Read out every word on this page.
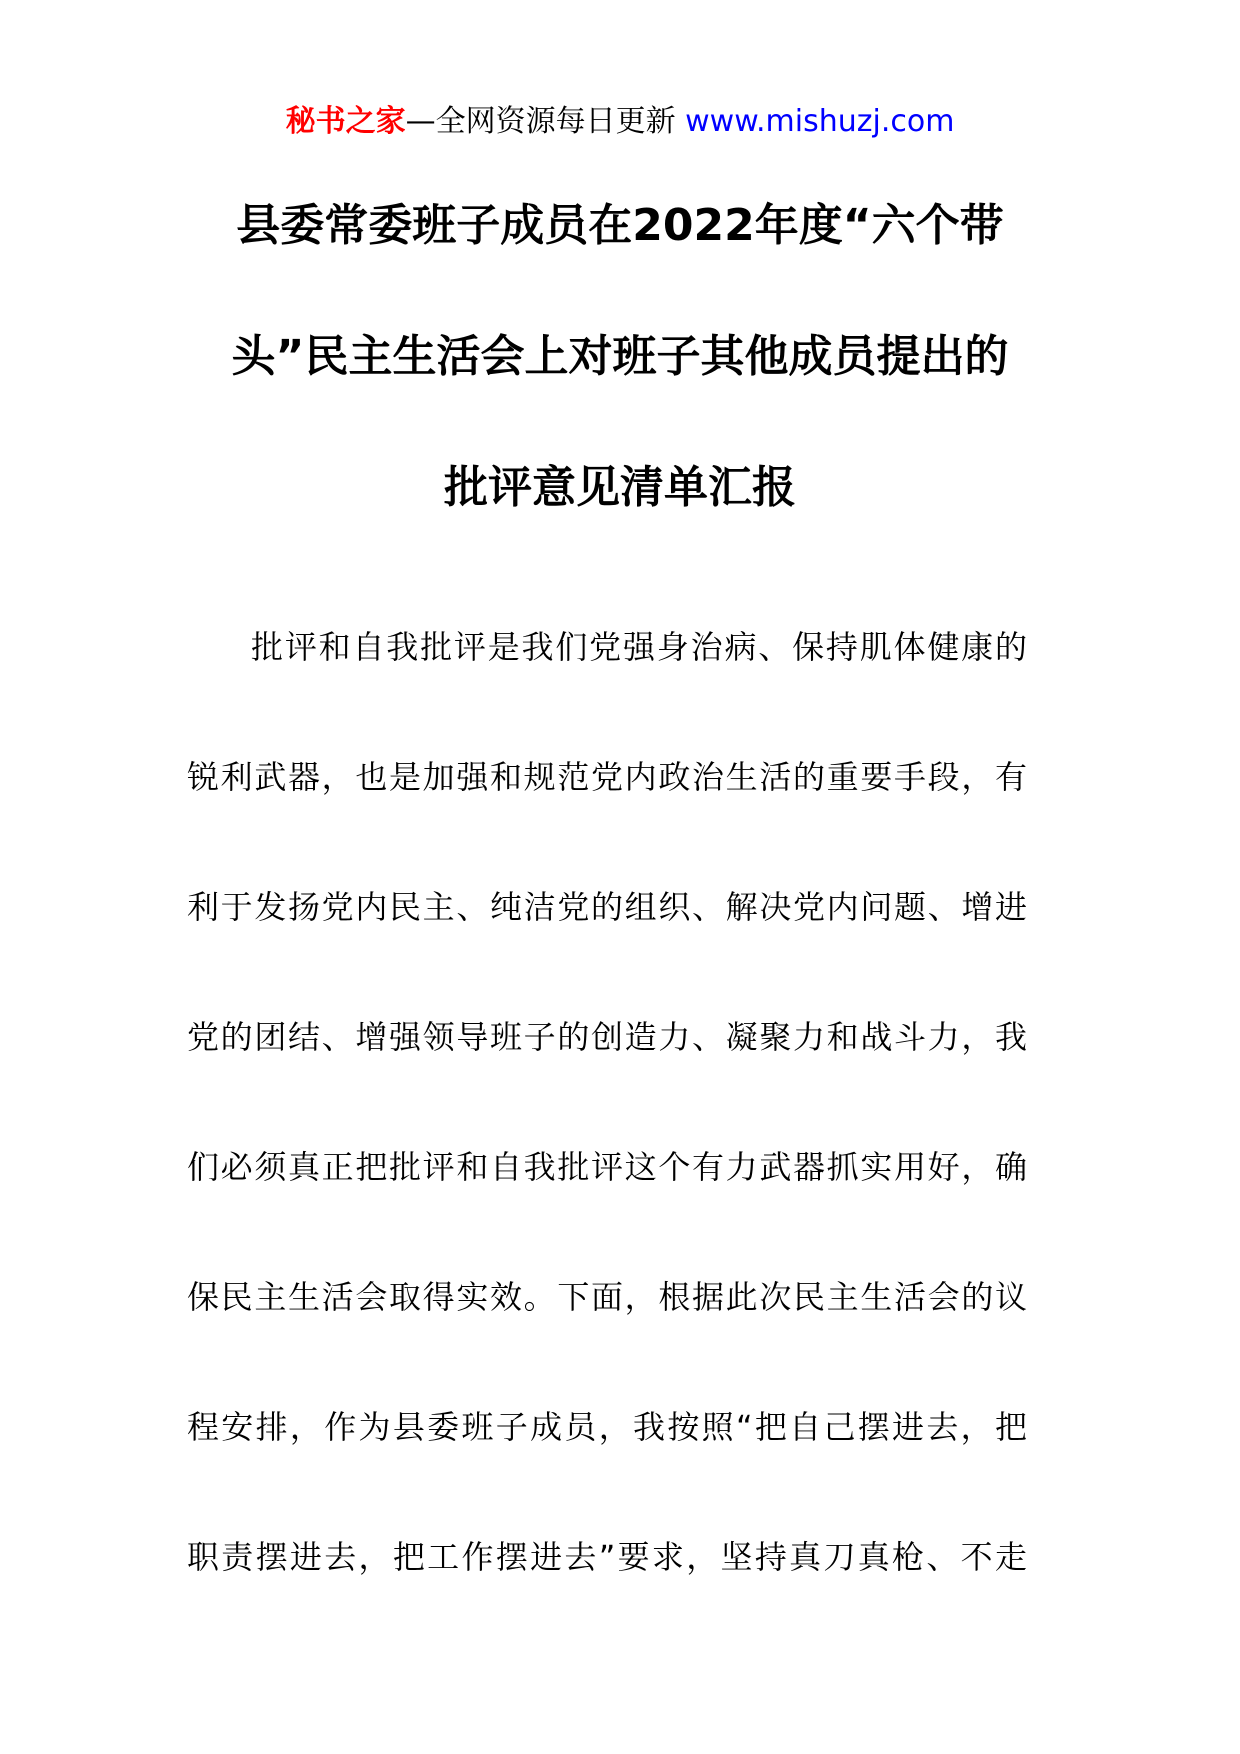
秘书之家—全网资源每日更新 www.mishuzj.com
县委常委班子成员在2022年度“六个带
头”民主生活会上对班子其他成员提出的
批评意见清单汇报
批评和自我批评是我们党强身治病、保持肌体健康的
锐利武器，也是加强和规范党内政治生活的重要手段，有
利于发扬党内民主、纯洁党的组织、解决党内问题、增进
党的团结、增强领导班子的创造力、凝聚力和战斗力，我
们必须真正把批评和自我批评这个有力武器抓实用好，确
保民主生活会取得实效。下面，根据此次民主生活会的议
程安排，作为县委班子成员，我按照“把自己摆进去，把
职责摆进去，把工作摆进去”要求，坚持真刀真枪、不走
